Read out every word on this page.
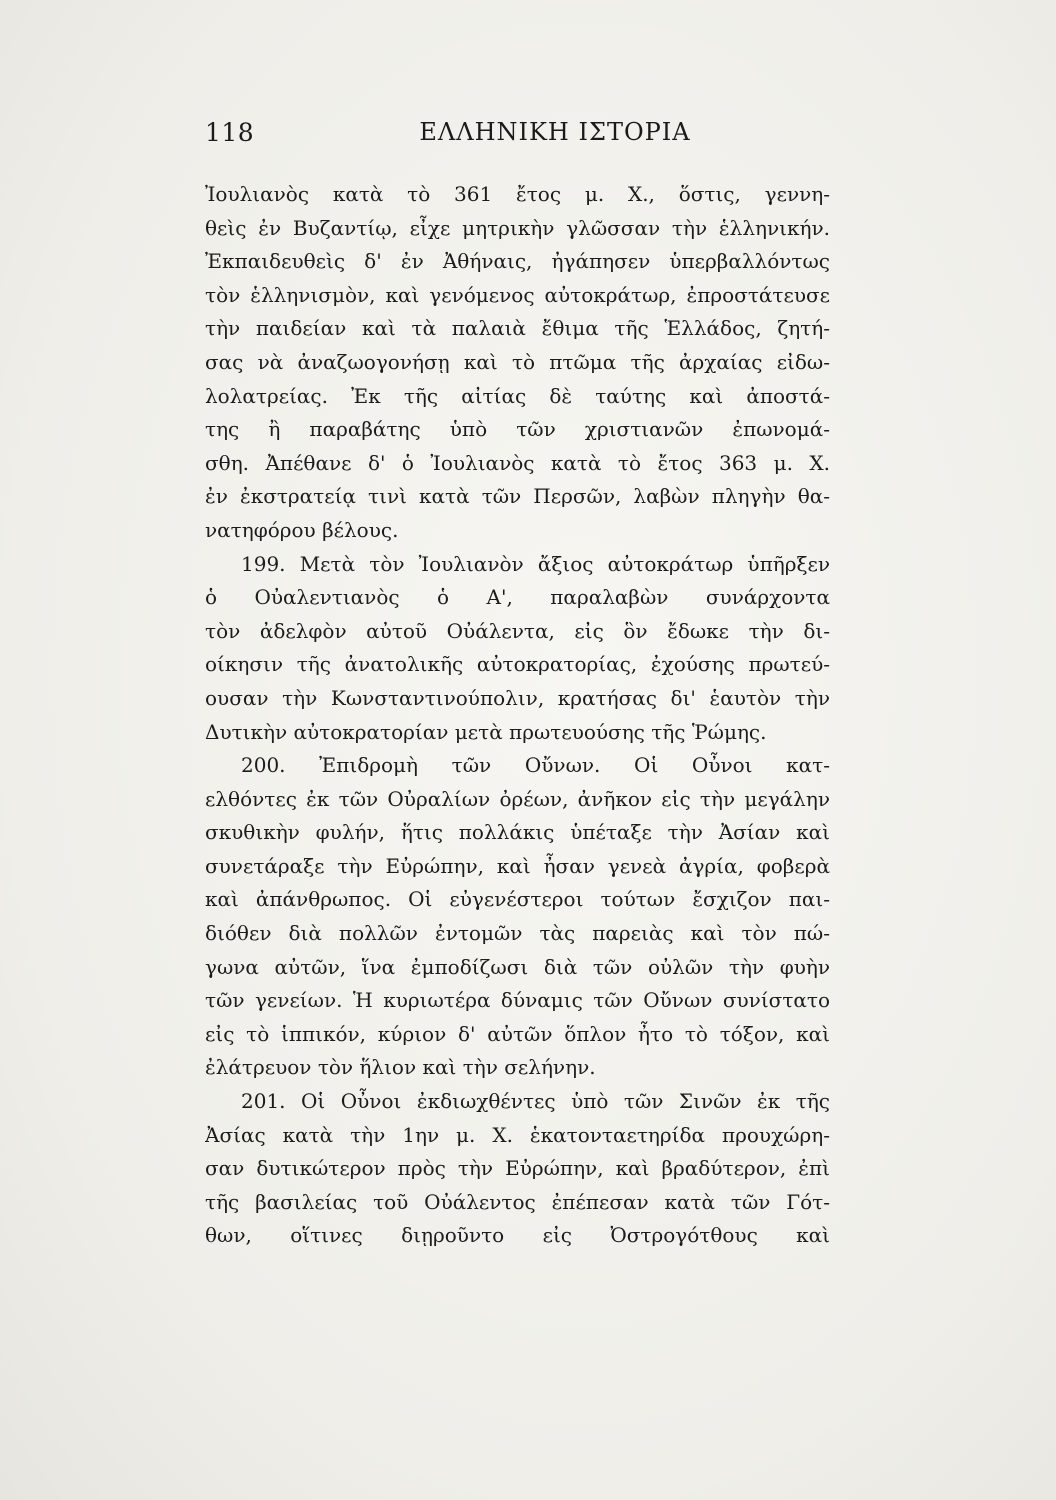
118	ΕΛΛΗΝΙΚΗ ΙΣΤΟΡΙΑ
Ἰουλιανὸς κατὰ τὸ 361 ἔτος μ. Χ., ὅστις, γεννη-
θεὶς ἐν Βυζαντίῳ, εἶχε μητρικὴν γλῶσσαν τὴν ἑλληνικήν.
Ἐκπαιδευθεὶς δ' ἐν Ἀθήναις, ἠγάπησεν ὑπερβαλλόντως
τὸν ἑλληνισμὸν, καὶ γενόμενος αὐτοκράτωρ, ἐπροστάτευσε
τὴν παιδείαν καὶ τὰ παλαιὰ ἔθιμα τῆς Ἑλλάδος, ζητή-
σας νὰ ἀναζωογονήσῃ καὶ τὸ πτῶμα τῆς ἀρχαίας εἰδω-
λολατρείας. Ἐκ τῆς αἰτίας δὲ ταύτης καὶ ἀποστά-
της ἢ παραβάτης ὑπὸ τῶν χριστιανῶν ἐπωνομά-
σθη. Ἀπέθανε δ' ὁ Ἰουλιανὸς κατὰ τὸ ἔτος 363 μ. Χ.
ἐν ἐκστρατείᾳ τινὶ κατὰ τῶν Περσῶν, λαβὼν πληγὴν θα-
νατηφόρου βέλους.
199. Μετὰ τὸν Ἰουλιανὸν ἄξιος αὐτοκράτωρ ὑπῆρξεν
ὁ Οὐαλεντιανὸς ὁ Α', παραλαβὼν συνάρχοντα
τὸν ἀδελφὸν αὐτοῦ Οὐάλεντα, εἰς ὃν ἔδωκε τὴν δι-
οίκησιν τῆς ἀνατολικῆς αὐτοκρατορίας, ἐχούσης πρωτεύ-
ουσαν τὴν Κωνσταντινούπολιν, κρατήσας δι' ἑαυτὸν τὴν
Δυτικὴν αὐτοκρατορίαν μετὰ πρωτευούσης τῆς Ῥώμης.
200. Ἐπιδρομὴ τῶν Οὔνων. Οἱ Οὖνοι κατ-
ελθόντες ἐκ τῶν Οὐραλίων ὀρέων, ἀνῆκον εἰς τὴν μεγάλην
σκυθικὴν φυλήν, ἥτις πολλάκις ὑπέταξε τὴν Ἀσίαν καὶ
συνετάραξε τὴν Εὐρώπην, καὶ ἦσαν γενεὰ ἀγρία, φοβερὰ
καὶ ἀπάνθρωπος. Οἱ εὐγενέστεροι τούτων ἔσχιζον παι-
διόθεν διὰ πολλῶν ἐντομῶν τὰς παρειὰς καὶ τὸν πώ-
γωνα αὐτῶν, ἵνα ἐμποδίζωσι διὰ τῶν οὐλῶν τὴν φυὴν
τῶν γενείων. Ἡ κυριωτέρα δύναμις τῶν Οὔνων συνίστατο
εἰς τὸ ἱππικόν, κύριον δ' αὐτῶν ὅπλον ἦτο τὸ τόξον, καὶ
ἐλάτρευον τὸν ἥλιον καὶ τὴν σελήνην.
201. Οἱ Οὖνοι ἐκδιωχθέντες ὑπὸ τῶν Σινῶν ἐκ τῆς
Ἀσίας κατὰ τὴν 1ην μ. Χ. ἑκατονταετηρίδα προυχώρη-
σαν δυτικώτερον πρὸς τὴν Εὐρώπην, καὶ βραδύτερον, ἐπὶ
τῆς βασιλείας τοῦ Οὐάλεντος ἐπέπεσαν κατὰ τῶν Γότ-
θων, οἵτινες διῃροῦντο εἰς Ὀστρογότθους καὶ
